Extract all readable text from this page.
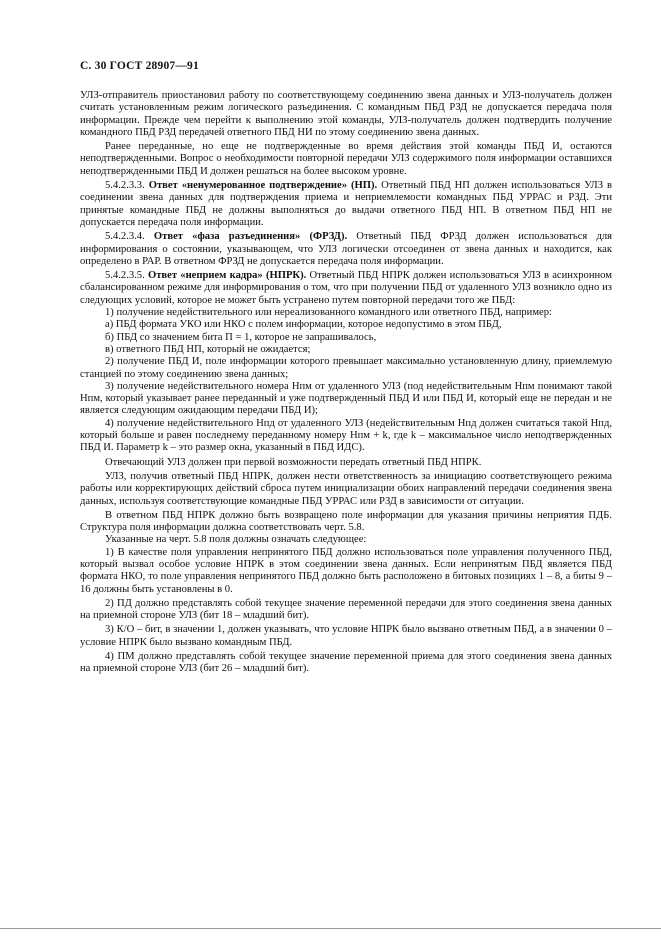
С. 30 ГОСТ 28907—91

УЛЗ-отправитель приостановил работу по соответствующему соединению звена данных и УЛЗ-получатель должен считать установленным режим логического разъединения. С командным ПБД РЗД не допускается передача поля информации. Прежде чем перейти к выполнению этой команды, УЛЗ-получатель должен подтвердить получение командного ПБД РЗД передачей ответного ПБД НИ по этому соединению звена данных.

Ранее переданные, но еще не подтвержденные во время действия этой команды ПБД И, остаются неподтвержденными. Вопрос о необходимости повторной передачи УЛЗ содержимого поля информации оставшихся неподтвержденными ПБД И должен решаться на более высоком уровне.

5.4.2.3.3. Ответ «ненумерованное подтверждение» (НП). Ответный ПБД НП должен использоваться УЛЗ в соединении звена данных для подтверждения приема и неприемлемости командных ПБД УРРАС и РЗД. Эти принятые командные ПБД не должны выполняться до выдачи ответного ПБД НП. В ответном ПБД НП не допускается передача поля информации.

5.4.2.3.4. Ответ «фаза разъединения» (ФРЗД). Ответный ПБД ФРЗД должен использоваться для информирования о состоянии, указывающем, что УЛЗ логически отсоединен от звена данных и находится, как определено в РАР. В ответном ФРЗД не допускается передача поля информации.

5.4.2.3.5. Ответ «неприем кадра» (НПРК). Ответный ПБД НПРК должен использоваться УЛЗ в асинхронном сбалансированном режиме для информирования о том, что при получении ПБД от удаленного УЛЗ возникло одно из следующих условий, которое не может быть устранено путем повторной передачи того же ПБД:

1) получение недействительного или нереализованного командного или ответного ПБД, например:

а) ПБД формата УКО или НКО с полем информации, которое недопустимо в этом ПБД,

б) ПБД со значением бита П = 1, которое не запрашивалось,

в) ответного ПБД НП, который не ожидается;

2) получение ПБД И, поле информации которого превышает максимально установленную длину, приемлемую станцией по этому соединению звена данных;

3) получение недействительного номера Нпм от удаленного УЛЗ (под недействительным Нпм понимают такой Нпм, который указывает ранее переданный и уже подтвержденный ПБД И или ПБД И, который еще не передан и не является следующим ожидающим передачи ПБД И);

4) получение недействительного Нпд от удаленного УЛЗ (недействительным Нпд должен считаться такой Нпд, который больше и равен последнему переданному номеру Нпм + k, где k – максимальное число неподтвержденных ПБД И. Параметр k – это размер окна, указанный в ПБД ИДС).

Отвечающий УЛЗ должен при первой возможности передать ответный ПБД НПРК.

УЛЗ, получив ответный ПБД НПРК, должен нести ответственность за инициацию соответствующего режима работы или корректирующих действий сброса путем инициализации обоих направлений передачи соединения звена данных, используя соответствующие командные ПБД УРРАС или РЗД в зависимости от ситуации.

В ответном ПБД НПРК должно быть возвращено поле информации для указания причины неприятия ПДБ. Структура поля информации должна соответствовать черт. 5.8.

Указанные на черт. 5.8 поля должны означать следующее:

1) В качестве поля управления непринятого ПБД должно использоваться поле управления полученного ПБД, который вызвал особое условие НПРК в этом соединении звена данных. Если непринятым ПБД является ПБД формата НКО, то поле управления непринятого ПБД должно быть расположено в битовых позициях 1 – 8, а биты 9 – 16 должны быть установлены в 0.

2) ПД должно представлять собой текущее значение переменной передачи для этого соединения звена данных на приемной стороне УЛЗ (бит 18 – младший бит).

3) К/О – бит, в значении 1, должен указывать, что условие НПРК было вызвано ответным ПБД, а в значении 0 – условие НПРК было вызвано командным ПБД.

4) ПМ должно представлять собой текущее значение переменной приема для этого соединения звена данных на приемной стороне УЛЗ (бит 26 – младший бит).
